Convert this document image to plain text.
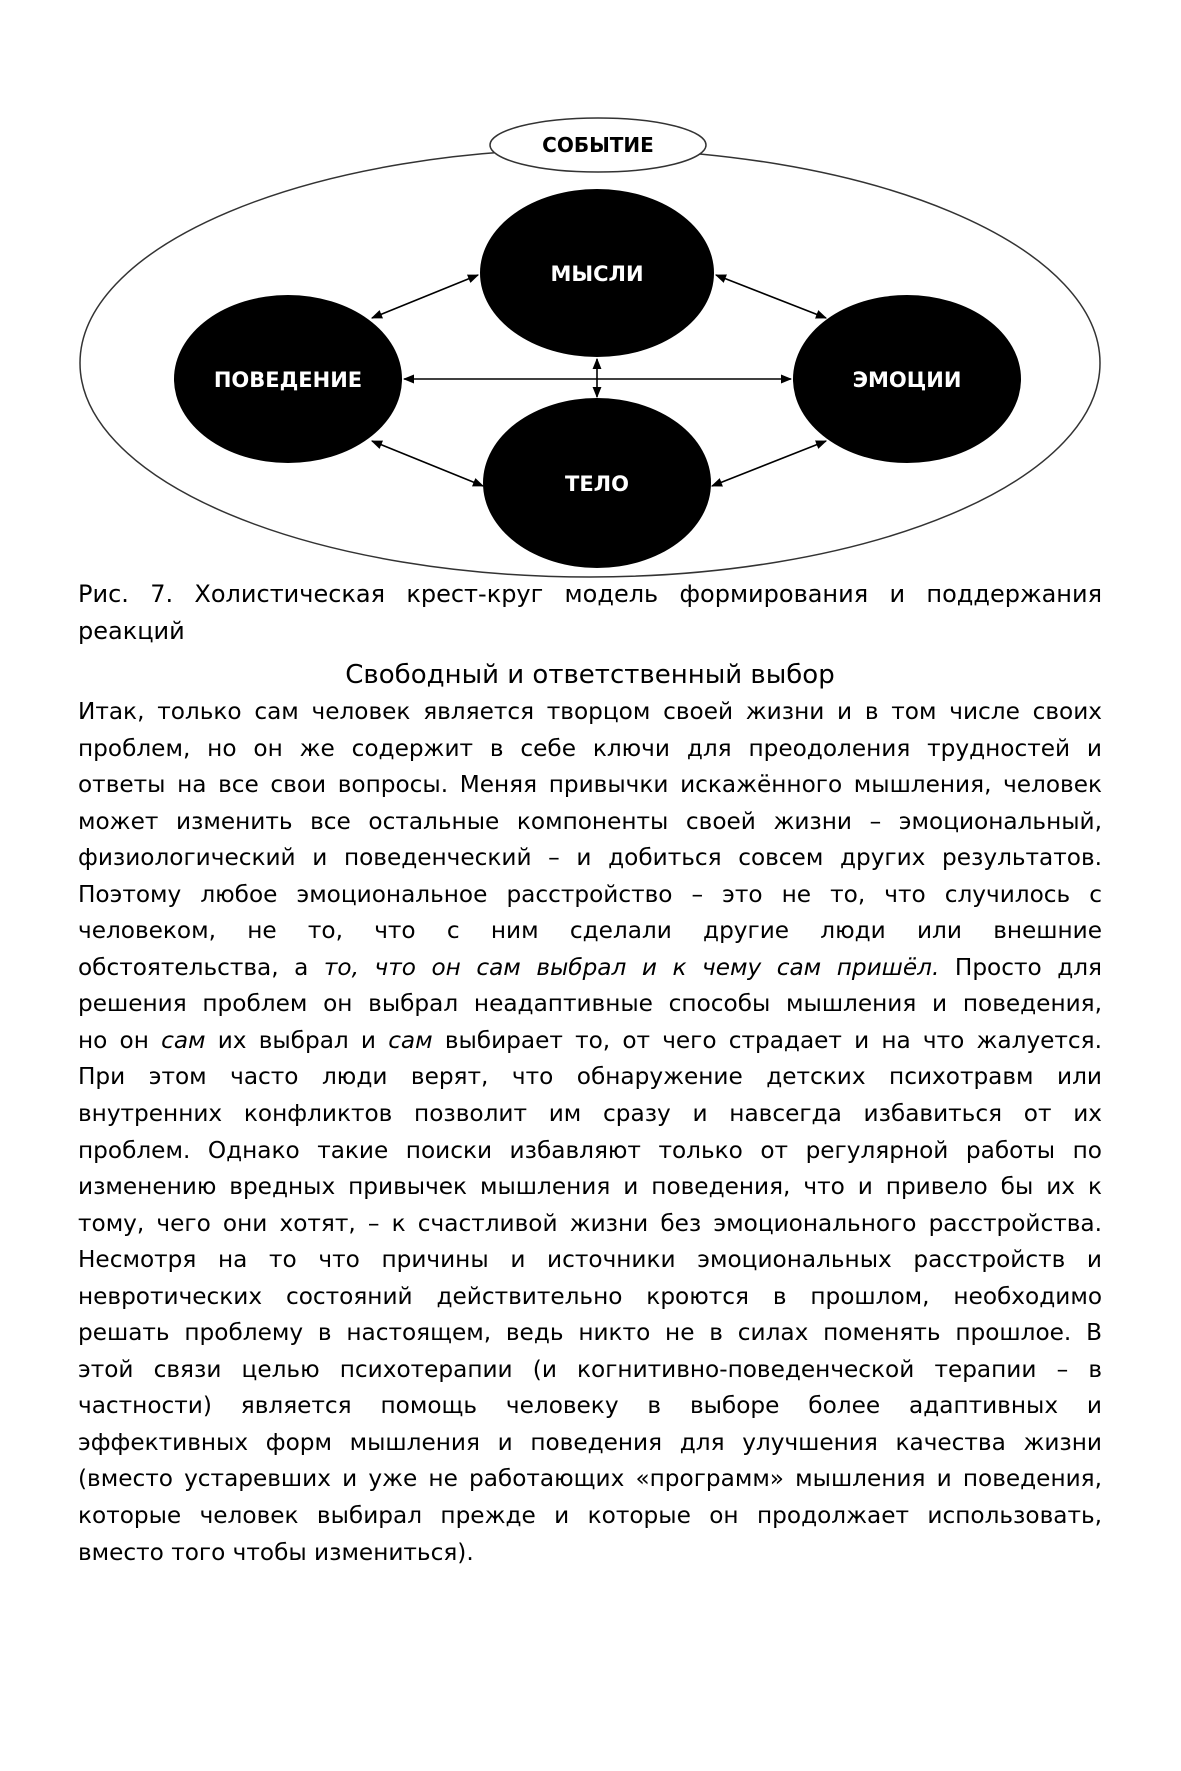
СОБЫТИЕ
МЫСЛИ
ПОВЕДЕНИЕ	ЭМОЦИИ
ТЕЛО
Рис. 7. Холистическая крест-круг модель формирования и поддержания
реакций
Свободный и ответственный выбор
Итак, только сам человек является творцом своей жизни и в том числе своих
проблем, но он же содержит в себе ключи для преодоления трудностей и
ответы на все свои вопросы. Меняя привычки искажённого мышления, человек
может изменить все остальные компоненты своей жизни – эмоциональный,
физиологический и поведенческий – и добиться совсем других результатов.
Поэтому любое эмоциональное расстройство – это не то, что случилось с
человеком, не то, что с ним сделали другие люди или внешние
обстоятельства, а то, что он сам выбрал и к чему сам пришёл. Просто для
решения проблем он выбрал неадаптивные способы мышления и поведения,
но он сам их выбрал и сам выбирает то, от чего страдает и на что жалуется.
При этом часто люди верят, что обнаружение детских психотравм или
внутренних конфликтов позволит им сразу и навсегда избавиться от их
проблем. Однако такие поиски избавляют только от регулярной работы по
изменению вредных привычек мышления и поведения, что и привело бы их к
тому, чего они хотят, – к счастливой жизни без эмоционального расстройства.
Несмотря на то что причины и источники эмоциональных расстройств и
невротических состояний действительно кроются в прошлом, необходимо
решать проблему в настоящем, ведь никто не в силах поменять прошлое. В
этой связи целью психотерапии (и когнитивно-поведенческой терапии – в
частности) является помощь человеку в выборе более адаптивных и
эффективных форм мышления и поведения для улучшения качества жизни
(вместо устаревших и уже не работающих «программ» мышления и поведения,
которые человек выбирал прежде и которые он продолжает использовать,
вместо того чтобы измениться).
